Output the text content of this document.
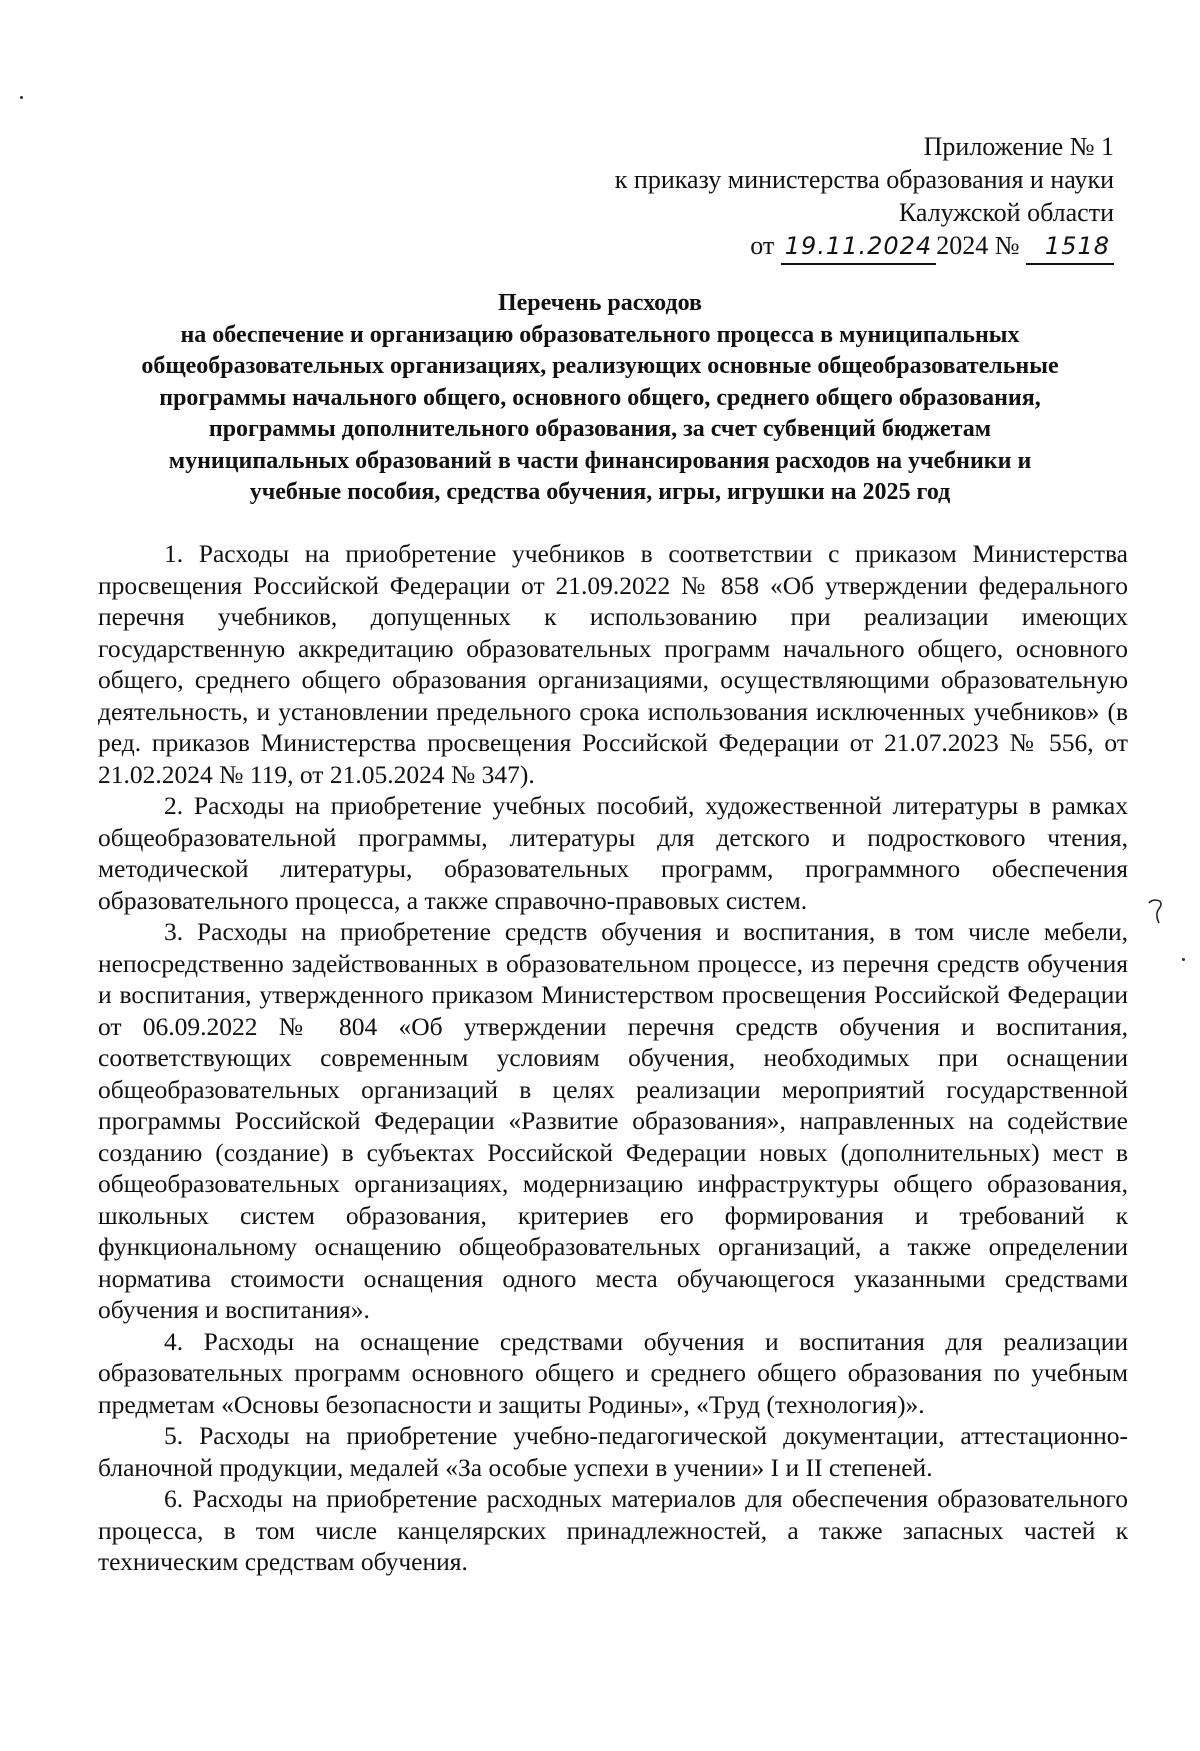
Приложение № 1
к приказу министерства образования и науки
Калужской области
от 19.11.2024 2024 № 1518
Перечень расходов
на обеспечение и организацию образовательного процесса в муниципальных
общеобразовательных организациях, реализующих основные общеобразовательные
программы начального общего, основного общего, среднего общего образования,
программы дополнительного образования, за счет субвенций бюджетам
муниципальных образований в части финансирования расходов на учебники и
учебные пособия, средства обучения, игры, игрушки на 2025 год

1. Расходы на приобретение учебников в соответствии с приказом Министерства просвещения Российской Федерации от 21.09.2022 № 858 «Об утверждении федерального перечня учебников, допущенных к использованию при реализации имеющих государственную аккредитацию образовательных программ начального общего, основного общего, среднего общего образования организациями, осуществляющими образовательную деятельность, и установлении предельного срока использования исключенных учебников» (в ред. приказов Министерства просвещения Российской Федерации от 21.07.2023 № 556, от 21.02.2024 № 119, от 21.05.2024 № 347).

2. Расходы на приобретение учебных пособий, художественной литературы в рамках общеобразовательной программы, литературы для детского и подросткового чтения, методической литературы, образовательных программ, программного обеспечения образовательного процесса, а также справочно-правовых систем.

3. Расходы на приобретение средств обучения и воспитания, в том числе мебели, непосредственно задействованных в образовательном процессе, из перечня средств обучения и воспитания, утвержденного приказом Министерством просвещения Российской Федерации от 06.09.2022 № 804 «Об утверждении перечня средств обучения и воспитания, соответствующих современным условиям обучения, необходимых при оснащении общеобразовательных организаций в целях реализации мероприятий государственной программы Российской Федерации «Развитие образования», направленных на содействие созданию (создание) в субъектах Российской Федерации новых (дополнительных) мест в общеобразовательных организациях, модернизацию инфраструктуры общего образования, школьных систем образования, критериев его формирования и требований к функциональному оснащению общеобразовательных организаций, а также определении норматива стоимости оснащения одного места обучающегося указанными средствами обучения и воспитания».

4. Расходы на оснащение средствами обучения и воспитания для реализации образовательных программ основного общего и среднего общего образования по учебным предметам «Основы безопасности и защиты Родины», «Труд (технология)».

5. Расходы на приобретение учебно-педагогической документации, аттестационно-бланочной продукции, медалей «За особые успехи в учении» I и II степеней.

6. Расходы на приобретение расходных материалов для обеспечения образовательного процесса, в том числе канцелярских принадлежностей, а также запасных частей к техническим средствам обучения.
